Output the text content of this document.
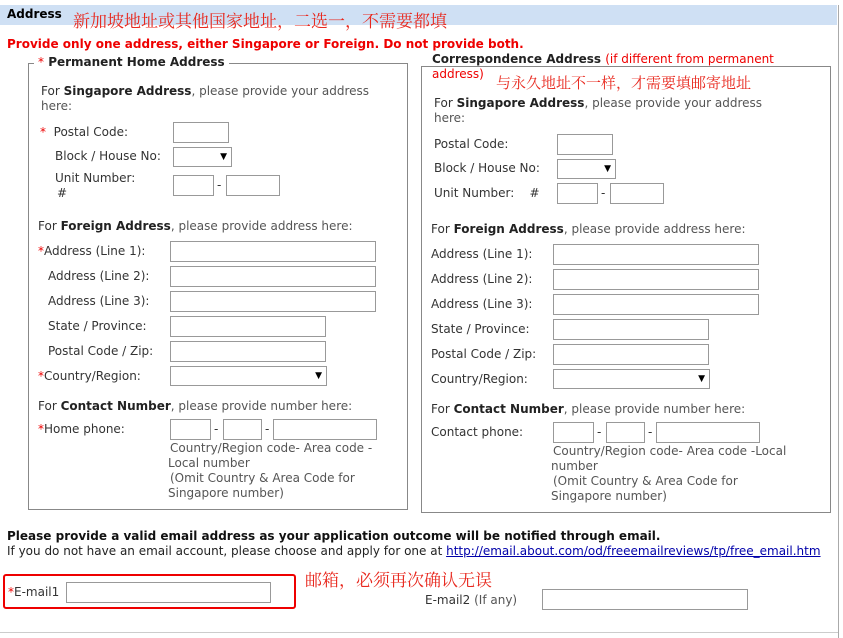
Address 新加坡地址或其他国家地址，二选一，不需要都填
Provide only one address, either Singapore or Foreign. Do not provide both.
* Permanent Home Address
For Singapore Address, please provide your address
here:
* Postal Code:
Block / House No:
▼
Unit Number:
#
-
For Foreign Address, please provide address here:
*Address (Line 1):
Address (Line 2):
Address (Line 3):
State / Province:
Postal Code / Zip:
*Country/Region:
▼
For Contact Number, please provide number here:
*Home phone:	-	-
Country/Region code- Area code -
Local number
(Omit Country & Area Code for
Singapore number)
Correspondence Address (if different from permanent
address) 与永久地址不一样，才需要填邮寄地址
For Singapore Address, please provide your address
here:
Postal Code:
Block / House No:
▼
Unit Number: #	-
For Foreign Address, please provide address here:
Address (Line 1):
Address (Line 2):
Address (Line 3):
State / Province:
Postal Code / Zip:
Country/Region:
▼
For Contact Number, please provide number here:
Contact phone:	-	-
Country/Region code- Area code -Local
number
(Omit Country & Area Code for
Singapore number)
Please provide a valid email address as your application outcome will be notified through email.
If you do not have an email account, please choose and apply for one at http://email.about.com/od/freeemailreviews/tp/free_email.htm
*E-mail1
邮箱，必须再次确认无误
E-mail2 (If any)
